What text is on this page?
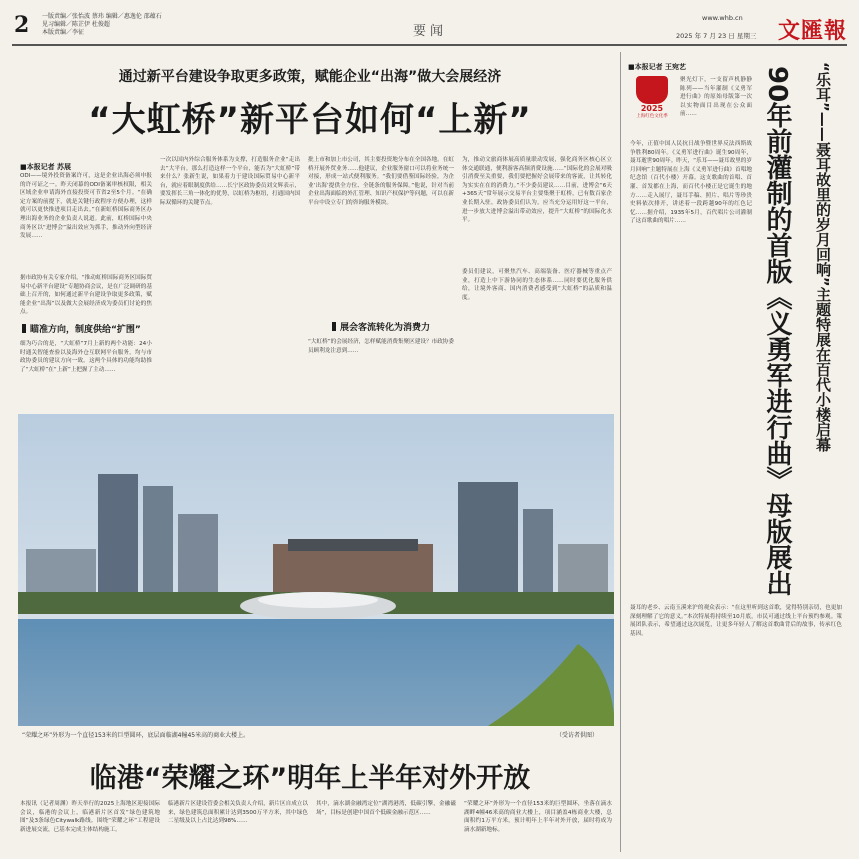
2 一版责编／张怡波 蔡玮 编辑／惠逸伦 邵蕴石
见习编辑／陈芷伊 杜俊超
本版责编／李征	要闻
www.whb.cn
2025 年 7 月 23 日 星期三 文匯報
通过新平台建设争取更多政策，赋能企业“出海”做大会展经济
“大虹桥”新平台如何“上新”
■本报记者 苏展
ODI——境外投资备案许可，这是企业出海必须申报的许可证之一。昨天闭幕的ODI备案审核权限，相关区域企业申请海外直接投资可节省2至5个月。“在确定方案的前提下，就是关键行政程序方便办理，这样就可以更快推进项目走出去。”在新虹桥国际商务区办理出海业务的企业负责人说道。此前，虹桥国际中央商务区以“进博会”溢出效应为抓手，推动外向型经济发展……
据市政协有关专家介绍，“推动虹桥国际商务区国际贸易中心新平台建设”专题协商会议，是在广泛调研的基础上召开的，如何通过新平台建设争取更多政策，赋能企业“出海”以及做大会展经济成为委员们讨论的焦点。
瞄准方向，制度供给“扩围”
细为巧合的是，“大虹桥”7月上新的两个功能：24小时通关智能查验以及海外仓互联网平台服务，均与市政协委员的建议方向一致。这两个具体的功能均助推了“大虹桥”在“上新”上把握了主动……
一次以国内外综合服务体系为支撑，打造服务企业“走出去”大平台。那么打造这样一个平台，能否为“大虹桥”带来什么？张新生说，如果着力于建设国际贸易中心新平台，就应着眼制度供给……长宁区政协委员刘文辉表示，要发挥长三角一体化的优势，以虹桥为枢纽，打通国内国际双循环的关键节点。
批上市和加上市公司，其主要投资地分布在全国各地。在虹桥开展外贸业务……他建议，企业服务窗口可以将业务统一对接，形成一站式便利服务。“我们要借鉴国际经验，为企业‘出海’提供全方位、全链条的服务保障。”他说，针对当前企业出海面临的外汇管理、知识产权保护等问题，可以在新平台中设立专门的咨询服务模块。
展会客流转化为消费力
“大虹桥”的会展经济，怎样赋能消费集聚区建设？市政协委员顾利龙注意到……
为，推动文旅商体展高质量联动发展，强化商务区核心区立体交通联通，便利游客高频消费设施……“国际化的会展对吸引消费至关重要，我们要把握好会展带来的客流，让其转化为实实在在的消费力。”不少委员建议……目前，进博会“6天+365天”常年展示交易平台主要集聚于虹桥，已有数百家企业长期入驻。政协委员们认为，应当充分运用好这一平台，进一步放大进博会溢出带动效应，提升“大虹桥”的国际化水平。
委员们建议，可聚焦汽车、高端装备、医疗器械等重点产业，打造上中下游协同的生态体系……同时要优化服务供给，让境外客商、国内消费者感受到“大虹桥”的品质和温度。
“荣耀之环”外形为一个直径153米的巨型圆环，底层面临湖4幢45米高的商业大楼上。	（受访者供图）
临港“荣耀之环”明年上半年对外开放
本报讯（记者周渊）昨天举行的2025上海地区迎接国际会议，临港的会议上，临港新片区首发“绿色建筑地图”及3条绿色Citywalk路线。围绕“荣耀之环”工程建设新进展交流，已基本完成主体结构施工。
临港新片区建设管委会相关负责人介绍，新片区自成立以来，绿色建筑总面积累计达到3500万平方米，其中绿色二星级及以上占比达到98%……
其中，滴水湖金融湾定位“湖湾港湾，低碳引擎，金融磁场”，目标是创建中国首个低碳金融示范区……
“荣耀之环”外形为一个直径153米的巨型圆环，坐落在滴水湖畔4幢46米高的商业大楼上，项目涵盖4栋商业大楼，总面积约1万平方米，预计明年上半年对外开放，届时将成为滴水湖新地标。
■本报记者 王宛艺
2025
上海红色文化季
聚光灯下，一支留声机静静陈列——当年灌制《义勇军进行曲》的原始母版第一次以实物面目出现在公众面前……
今年，正值中国人民抗日战争暨世界反法西斯战争胜利80周年。《义勇军进行曲》诞生90周年，聂耳逝世90周年。昨天，“乐耳——聂耳故里的岁月回响”主题特展在上海《义勇军进行曲》首唱地纪念馆（百代小楼）开幕。这支歌曲的首唱、首灌、首发都在上海，而百代小楼正是它诞生的地方……走入展厅，聂耳手稿、照片、唱片等珍贵史料依次排开，讲述着一段跨越90年的红色记忆……据介绍，1935年5月，百代唱片公司灌制了这首歌曲的唱片……	90年前灌制的首版《义勇军进行曲》母版展出 “乐耳”——聂耳故里的岁月回响”主题特展在百代小楼启幕
聂耳的老乡、云南玉溪来沪的观众表示：“在这里听到这首歌，觉得特别亲切，也更加深刻理解了它的意义。”本次特展将持续至10月底，市民可通过线上平台预约参观。策展团队表示，希望通过这次展览，让更多年轻人了解这首歌曲背后的故事，传承红色基因。
